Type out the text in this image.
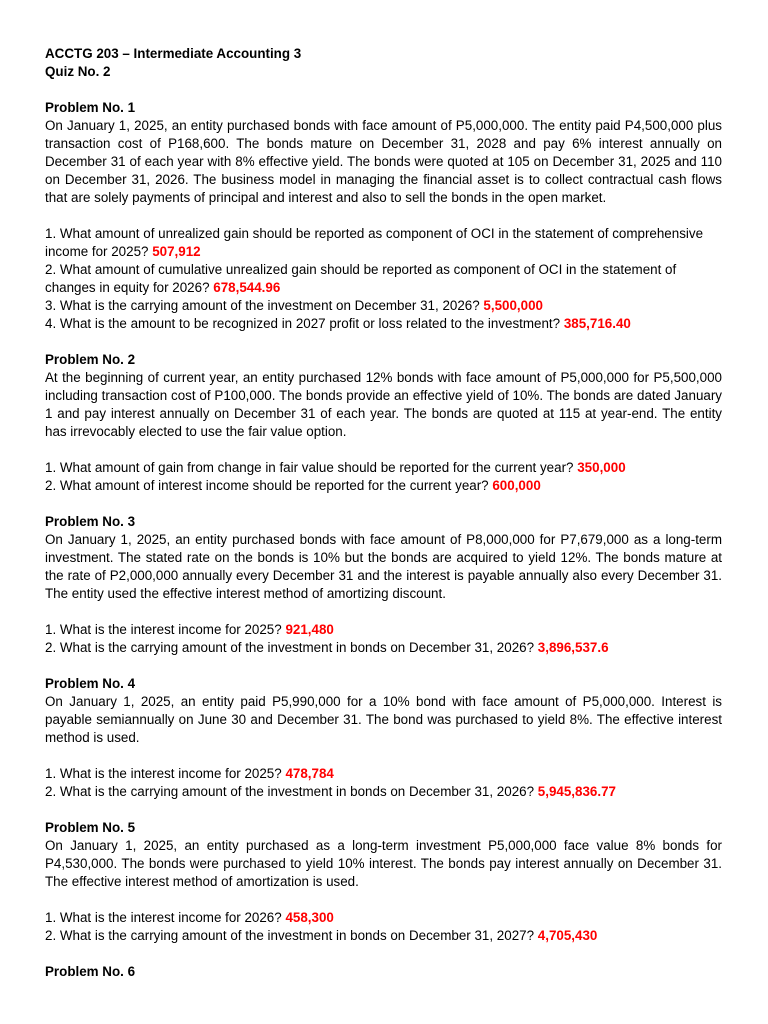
ACCTG 203 – Intermediate Accounting 3
Quiz No. 2
Problem No. 1

On January 1, 2025, an entity purchased bonds with face amount of P5,000,000. The entity paid P4,500,000 plus transaction cost of P168,600. The bonds mature on December 31, 2028 and pay 6% interest annually on December 31 of each year with 8% effective yield. The bonds were quoted at 105 on December 31, 2025 and 110 on December 31, 2026. The business model in managing the financial asset is to collect contractual cash flows that are solely payments of principal and interest and also to sell the bonds in the open market.

1. What amount of unrealized gain should be reported as component of OCI in the statement of comprehensive income for 2025? 507,912

2. What amount of cumulative unrealized gain should be reported as component of OCI in the statement of changes in equity for 2026? 678,544.96

3. What is the carrying amount of the investment on December 31, 2026? 5,500,000

4. What is the amount to be recognized in 2027 profit or loss related to the investment? 385,716.40

Problem No. 2

At the beginning of current year, an entity purchased 12% bonds with face amount of P5,000,000 for P5,500,000 including transaction cost of P100,000. The bonds provide an effective yield of 10%. The bonds are dated January 1 and pay interest annually on December 31 of each year. The bonds are quoted at 115 at year-end. The entity has irrevocably elected to use the fair value option.

1. What amount of gain from change in fair value should be reported for the current year? 350,000

2. What amount of interest income should be reported for the current year? 600,000

Problem No. 3

On January 1, 2025, an entity purchased bonds with face amount of P8,000,000 for P7,679,000 as a long-term investment. The stated rate on the bonds is 10% but the bonds are acquired to yield 12%. The bonds mature at the rate of P2,000,000 annually every December 31 and the interest is payable annually also every December 31. The entity used the effective interest method of amortizing discount.

1. What is the interest income for 2025? 921,480

2. What is the carrying amount of the investment in bonds on December 31, 2026? 3,896,537.6

Problem No. 4

On January 1, 2025, an entity paid P5,990,000 for a 10% bond with face amount of P5,000,000. Interest is payable semiannually on June 30 and December 31. The bond was purchased to yield 8%. The effective interest method is used.

1. What is the interest income for 2025? 478,784

2. What is the carrying amount of the investment in bonds on December 31, 2026? 5,945,836.77

Problem No. 5

On January 1, 2025, an entity purchased as a long-term investment P5,000,000 face value 8% bonds for P4,530,000. The bonds were purchased to yield 10% interest. The bonds pay interest annually on December 31. The effective interest method of amortization is used.

1. What is the interest income for 2026? 458,300

2. What is the carrying amount of the investment in bonds on December 31, 2027? 4,705,430

Problem No. 6
